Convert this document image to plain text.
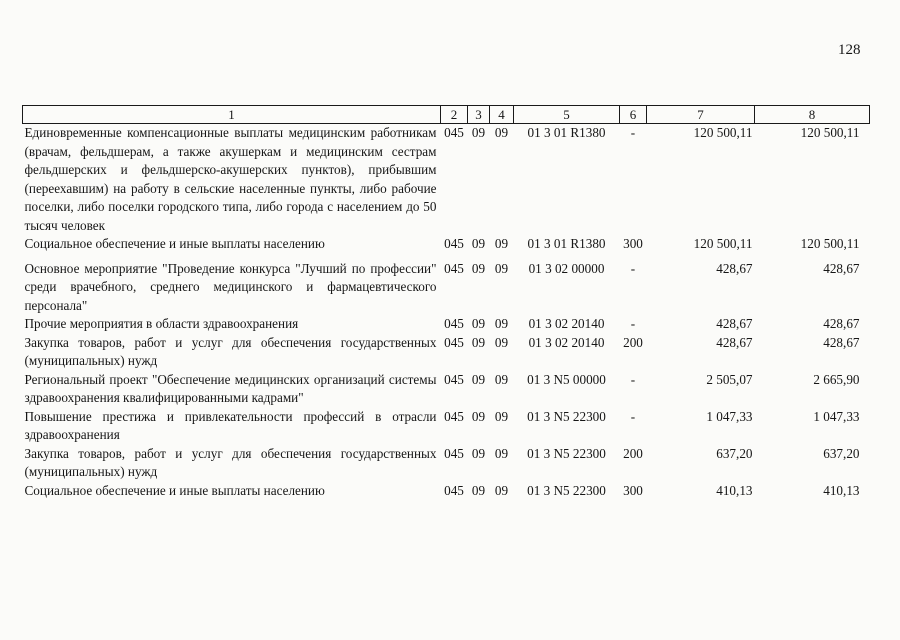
128
1	2	3	4	5	6	7	8
Единовременные компенсационные выплаты медицинским работникам (врачам, фельдшерам, а также акушеркам и медицинским сестрам фельдшерских и фельдшерско-акушерских пунктов), прибывшим (переехавшим) на работу в сельские населенные пункты, либо рабочие поселки, либо поселки городского типа, либо города с населением до 50 тысяч человек	045	09	09	01 3 01 R1380	-	120 500,11	120 500,11
Социальное обеспечение и иные выплаты населению	045	09	09	01 3 01 R1380	300	120 500,11	120 500,11
Основное мероприятие "Проведение конкурса "Лучший по профессии" среди врачебного, среднего медицинского и фармацевтического персонала"	045	09	09	01 3 02 00000	-	428,67	428,67
Прочие мероприятия в области здравоохранения	045	09	09	01 3 02 20140	-	428,67	428,67
Закупка товаров, работ и услуг для обеспечения государственных (муниципальных) нужд	045	09	09	01 3 02 20140	200	428,67	428,67
Региональный проект "Обеспечение медицинских организаций системы здравоохранения квалифицированными кадрами"	045	09	09	01 3 N5 00000	-	2 505,07	2 665,90
Повышение престижа и привлекательности профессий в отрасли здравоохранения	045	09	09	01 3 N5 22300	-	1 047,33	1 047,33
Закупка товаров, работ и услуг для обеспечения государственных (муниципальных) нужд	045	09	09	01 3 N5 22300	200	637,20	637,20
Социальное обеспечение и иные выплаты населению	045	09	09	01 3 N5 22300	300	410,13	410,13
